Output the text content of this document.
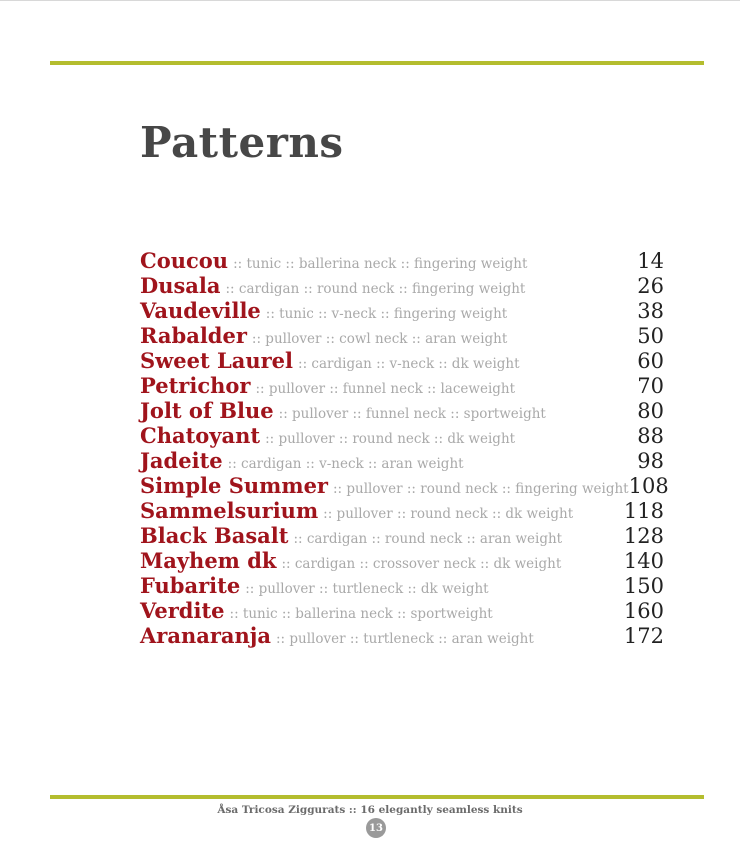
Patterns
Coucou :: tunic :: ballerina neck :: fingering weight	14
Dusala :: cardigan :: round neck :: fingering weight	26
Vaudeville :: tunic :: v-neck :: fingering weight	38
Rabalder :: pullover :: cowl neck :: aran weight	50
Sweet Laurel :: cardigan :: v-neck :: dk weight	60
Petrichor :: pullover :: funnel neck :: laceweight	70
Jolt of Blue :: pullover :: funnel neck :: sportweight	80
Chatoyant :: pullover :: round neck :: dk weight	88
Jadeite :: cardigan :: v-neck :: aran weight	98
Simple Summer :: pullover :: round neck :: fingering weight 108
Sammelsurium :: pullover :: round neck :: dk weight 118
Black Basalt :: cardigan :: round neck :: aran weight	128
Mayhem dk :: cardigan :: crossover neck :: dk weight	140
Fubarite :: pullover :: turtleneck :: dk weight	150
Verdite :: tunic :: ballerina neck :: sportweight	160
Aranaranja :: pullover :: turtleneck :: aran weight	172
Åsa Tricosa Ziggurats :: 16 elegantly seamless knits
13
